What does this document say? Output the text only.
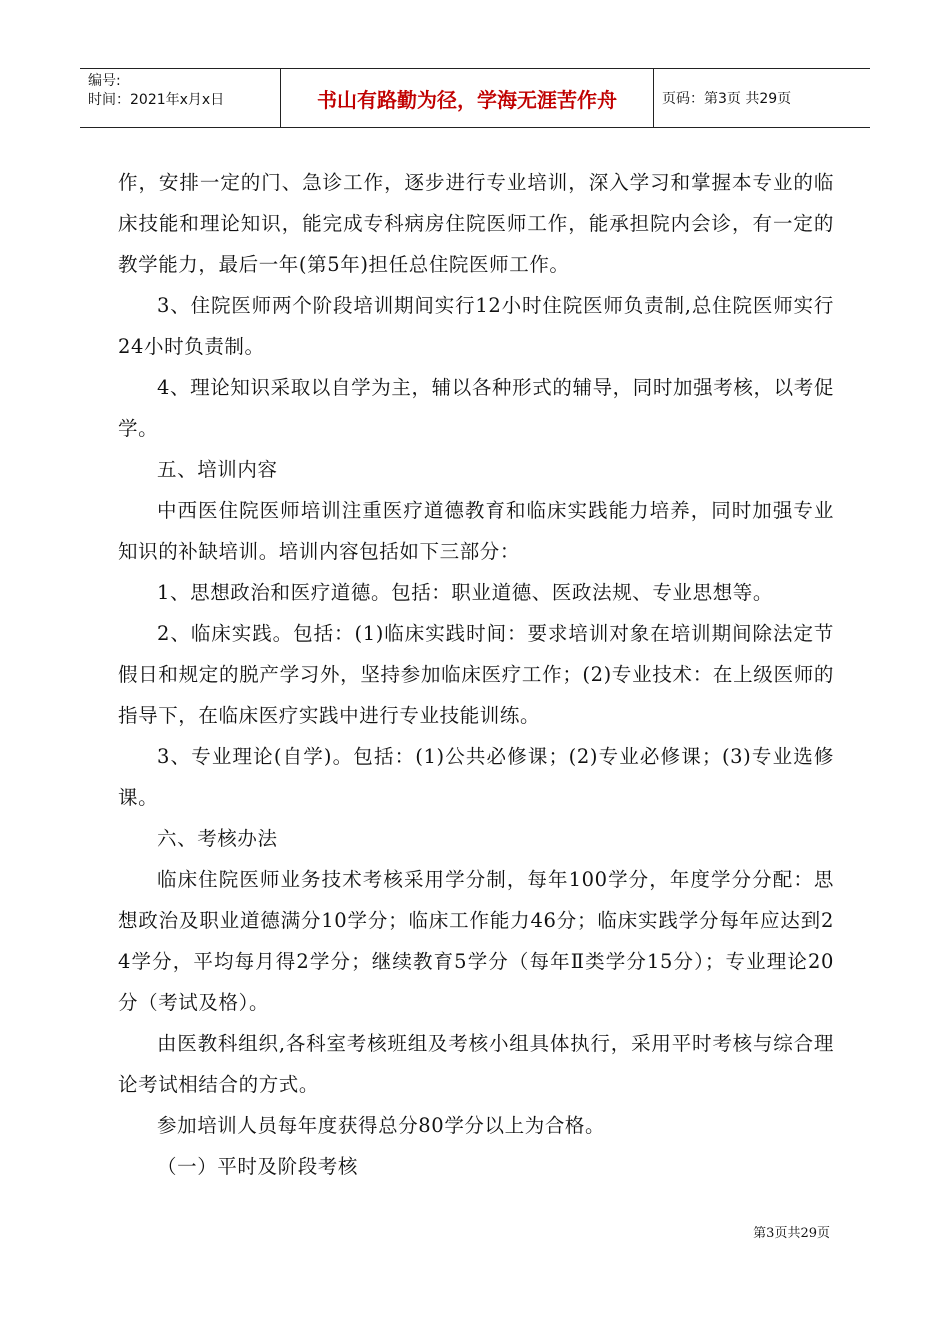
编号:
时间：2021年x月x日	书山有路勤为径，学海无涯苦作舟	页码：第3页 共29页

作，安排一定的门、急诊工作，逐步进行专业培训，深入学习和掌握本专业的临床技能和理论知识，能完成专科病房住院医师工作，能承担院内会诊，有一定的教学能力，最后一年(第5年)担任总住院医师工作。

3、住院医师两个阶段培训期间实行12小时住院医师负责制,总住院医师实行24小时负责制。

4、理论知识采取以自学为主，辅以各种形式的辅导，同时加强考核，以考促学。

五、培训内容

中西医住院医师培训注重医疗道德教育和临床实践能力培养，同时加强专业知识的补缺培训。培训内容包括如下三部分：

1、思想政治和医疗道德。包括：职业道德、医政法规、专业思想等。

2、临床实践。包括：(1)临床实践时间：要求培训对象在培训期间除法定节假日和规定的脱产学习外，坚持参加临床医疗工作；(2)专业技术：在上级医师的指导下，在临床医疗实践中进行专业技能训练。

3、专业理论(自学)。包括：(1)公共必修课；(2)专业必修课；(3)专业选修课。

六、考核办法

临床住院医师业务技术考核采用学分制，每年100学分，年度学分分配：思想政治及职业道德满分10学分；临床工作能力46分；临床实践学分每年应达到24学分，平均每月得2学分；继续教育5学分（每年Ⅱ类学分15分）；专业理论20分（考试及格）。

由医教科组织,各科室考核班组及考核小组具体执行，采用平时考核与综合理论考试相结合的方式。

参加培训人员每年度获得总分80学分以上为合格。

（一）平时及阶段考核

第3页共29页
